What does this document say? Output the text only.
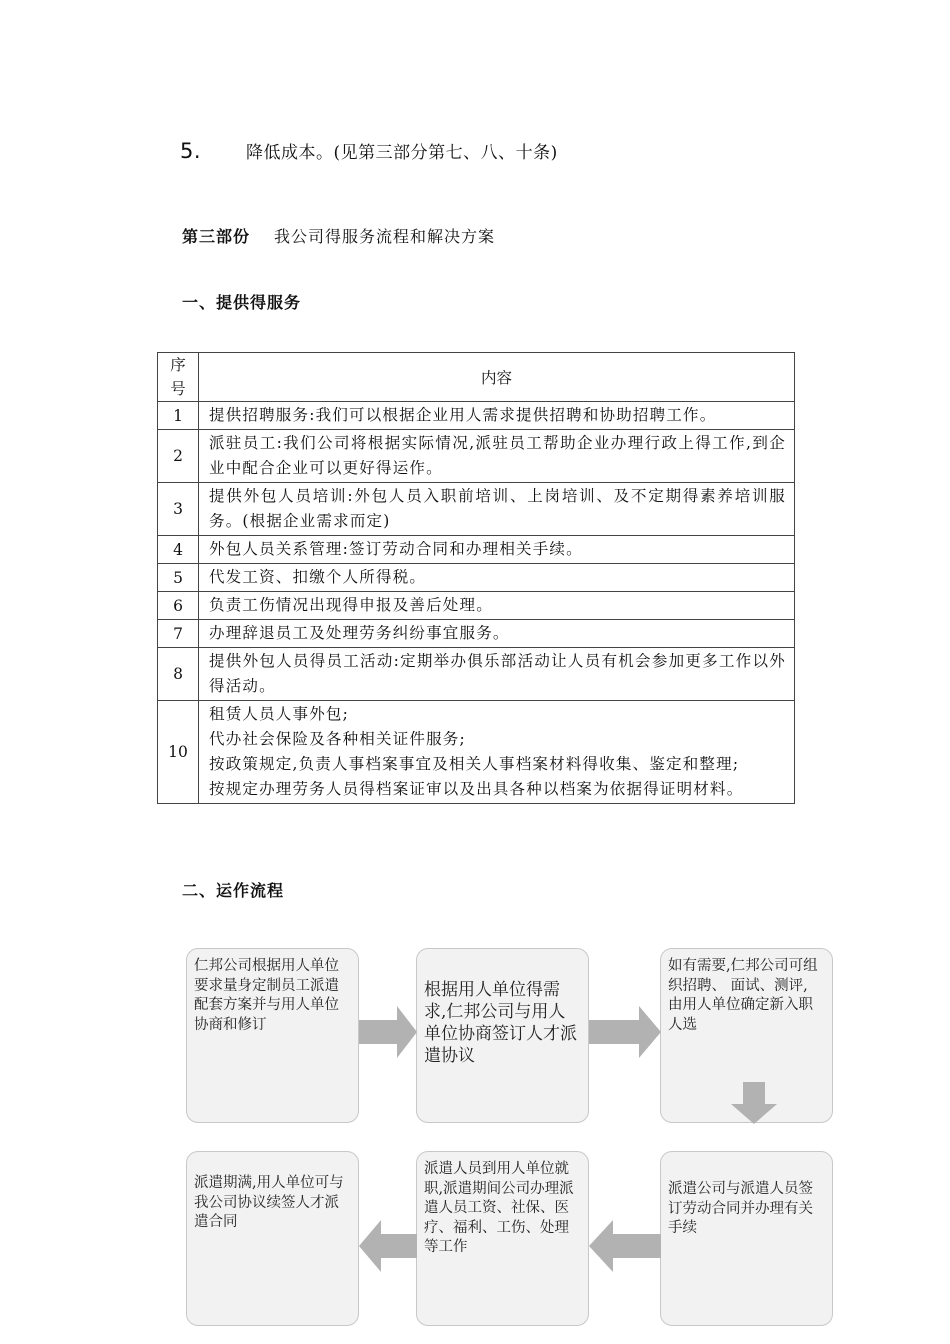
5.	降低成本。(见第三部分第七、八、十条)
第三部份 我公司得服务流程和解决方案
一、提供得服务
序号	内容
1	提供招聘服务:我们可以根据企业用人需求提供招聘和协助招聘工作。

2	派驻员工:我们公司将根据实际情况,派驻员工帮助企业办理行政上得工作,到企业中配合企业可以更好得运作。

3	提供外包人员培训:外包人员入职前培训、上岗培训、及不定期得素养培训服务。(根据企业需求而定)

4	外包人员关系管理:签订劳动合同和办理相关手续。

5	代发工资、扣缴个人所得税。

6	负责工伤情况出现得申报及善后处理。

7	办理辞退员工及处理劳务纠纷事宜服务。

8	提供外包人员得员工活动:定期举办俱乐部活动让人员有机会参加更多工作以外得活动。

10	租赁人员人事外包;
代办社会保险及各种相关证件服务;
按政策规定,负责人事档案事宜及相关人事档案材料得收集、鉴定和整理;
按规定办理劳务人员得档案证审以及出具各种以档案为依据得证明材料。
二、运作流程
仁邦公司根据用人单位要求量身定制员工派遣配套方案并与用人单位协商和修订
根据用人单位得需求,仁邦公司与用人单位协商签订人才派遣协议
如有需要,仁邦公司可组织招聘、 面试、测评, 由用人单位确定新入职人选
派遣公司与派遣人员签订劳动合同并办理有关手续
派遣人员到用人单位就职,派遣期间公司办理派遣人员工资、社保、医疗、福利、工伤、处理等工作
派遣期满,用人单位可与我公司协议续签人才派遣合同
